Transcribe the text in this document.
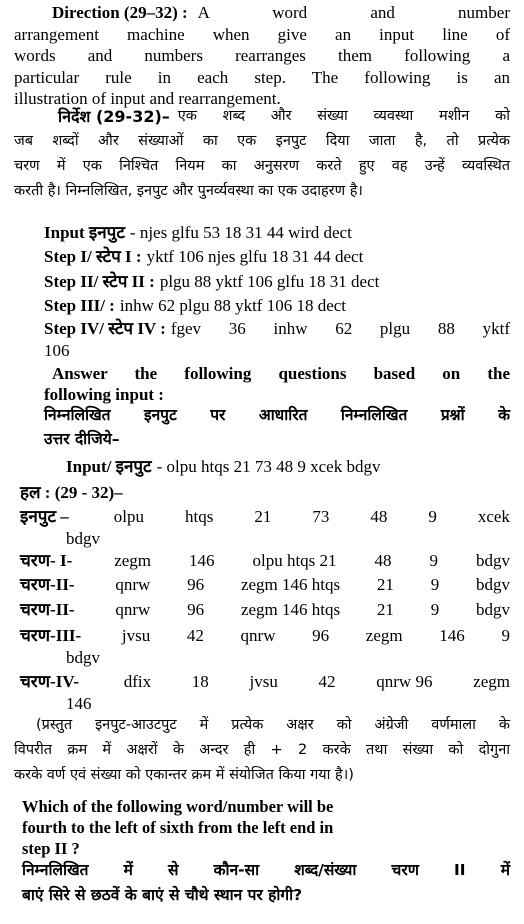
Direction (29–32) : A word and number
arrangement machine when give an input line of
words and numbers rearranges them following a
particular rule in each step. The following is an
illustration of input and rearrangement.
निर्देश (29-32)– एक शब्द और संख्या व्यवस्था मशीन को
जब शब्दों और संख्याओं का एक इनपुट दिया जाता है, तो प्रत्येक
चरण में एक निश्चित नियम का अनुसरण करते हुए वह उन्हें व्यवस्थित
करती है। निम्नलिखित, इनपुट और पुनर्व्यवस्था का एक उदाहरण है।
Input इनपुट - njes glfu 53 18 31 44 wird dect
Step I/ स्टेप I : yktf 106 njes glfu 18 31 44 dect
Step II/ स्टेप II : plgu 88 yktf 106 glfu 18 31 dect
Step III/ : inhw 62 plgu 88 yktf 106 18 dect
Step IV/ स्टेप IV : fgev 36 inhw 62 plgu 88 yktf
106
Answer the following questions based on the
following input :
निम्नलिखित इनपुट पर आधारित निम्नलिखित प्रश्नों के
उत्तर दीजिये–
Input/ इनपुट - olpu htqs 21 73 48 9 xcek bdgv
हल : (29 - 32)–
इनपुट –	olpu htqs 21 73 48 9 xcek
bdgv
चरण- I- zegm 146 olpu htqs 21 48 9 bdgv
चरण-II- qnrw 96 zegm 146 htqs 21 9 bdgv
चरण-II- qnrw 96 zegm 146 htqs 21 9 bdgv
चरण-III- jvsu 42 qnrw 96 zegm 146 9
bdgv
चरण-IV-	dfix 18 jvsu 42 qnrw 96 zegm
146
(प्रस्तुत इनपुट-आउटपुट में प्रत्येक अक्षर को अंग्रेजी वर्णमाला के
विपरीत क्रम में अक्षरों के अन्दर ही + 2 करके तथा संख्या को दोगुना
करके वर्ण एवं संख्या को एकान्तर क्रम में संयोजित किया गया है।)
Which of the following word/number will be
fourth to the left of sixth from the left end in
step II ?
निम्नलिखित में से कौन-सा शब्द/संख्या चरण II में
बाएं सिरे से छठवें के बाएं से चौथे स्थान पर होगी?
